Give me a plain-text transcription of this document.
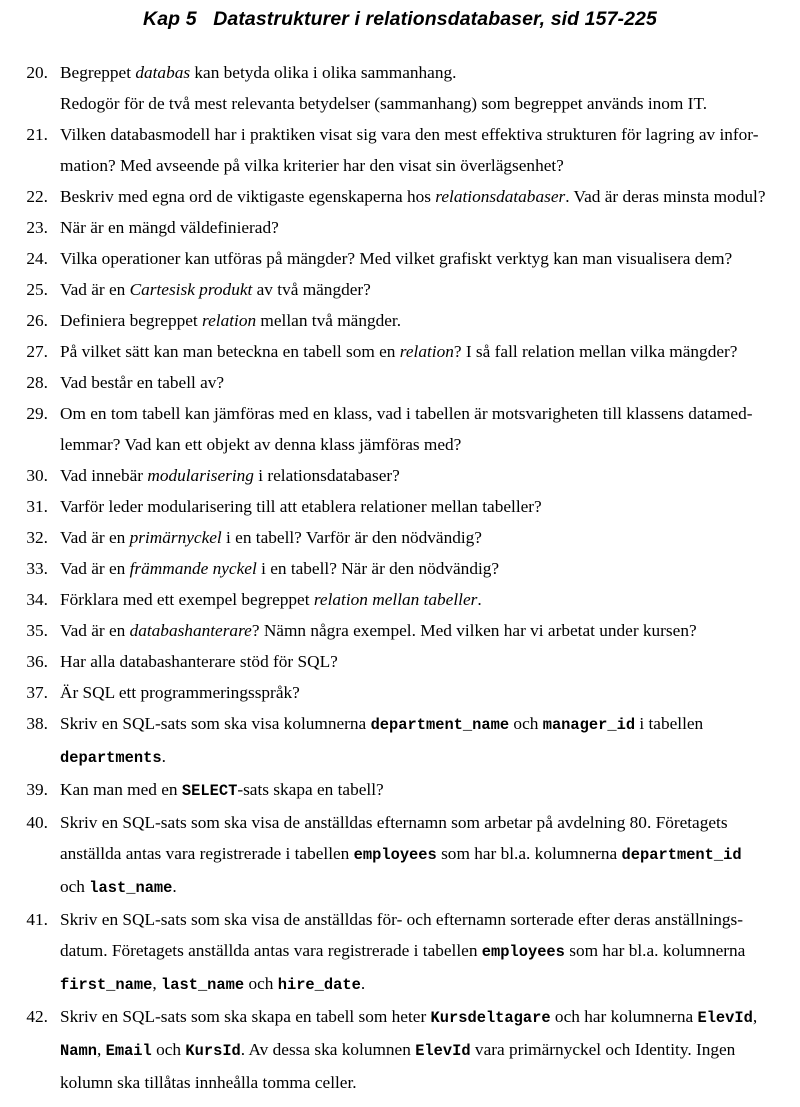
Kap 5   Datastrukturer i relationsdatabaser, sid 157-225
20. Begreppet databas kan betyda olika i olika sammanhang.
Redogör för de två mest relevanta betydelser (sammanhang) som begreppet används inom IT.
21. Vilken databasmodell har i praktiken visat sig vara den mest effektiva strukturen för lagring av infor-
mation? Med avseende på vilka kriterier har den visat sin överlägsenhet?
22. Beskriv med egna ord de viktigaste egenskaperna hos relationsdatabaser. Vad är deras minsta modul?
23. När är en mängd väldefinierad?
24. Vilka operationer kan utföras på mängder? Med vilket grafiskt verktyg kan man visualisera dem?
25. Vad är en Cartesisk produkt av två mängder?
26. Definiera begreppet relation mellan två mängder.
27. På vilket sätt kan man beteckna en tabell som en relation? I så fall relation mellan vilka mängder?
28. Vad består en tabell av?
29. Om en tom tabell kan jämföras med en klass, vad i tabellen är motsvarigheten till klassens datamed-
lemmar? Vad kan ett objekt av denna klass jämföras med?
30. Vad innebär modularisering i relationsdatabaser?
31. Varför leder modularisering till att etablera relationer mellan tabeller?
32. Vad är en primärnyckel i en tabell? Varför är den nödvändig?
33. Vad är en främmande nyckel i en tabell? När är den nödvändig?
34. Förklara med ett exempel begreppet relation mellan tabeller.
35. Vad är en databashanterare? Nämn några exempel. Med vilken har vi arbetat under kursen?
36. Har alla databashanterare stöd för SQL?
37. Är SQL ett programmeringsspråk?
38. Skriv en SQL-sats som ska visa kolumnerna department_name och manager_id i tabellen
departments.
39. Kan man med en SELECT-sats skapa en tabell?
40. Skriv en SQL-sats som ska visa de anställdas efternamn som arbetar på avdelning 80. Företagets
anställda antas vara registrerade i tabellen employees som har bl.a. kolumnerna department_id
och last_name.
41. Skriv en SQL-sats som ska visa de anställdas för- och efternamn sorterade efter deras anställnings-
datum. Företagets anställda antas vara registrerade i tabellen employees som har bl.a. kolumnerna
first_name, last_name och hire_date.
42. Skriv en SQL-sats som ska skapa en tabell som heter Kursdeltagare och har kolumnerna ElevId,
Namn, Email och KursId. Av dessa ska kolumnen ElevId vara primärnyckel och Identity. Ingen
kolumn ska tillåtas innheålla tomma celler.
